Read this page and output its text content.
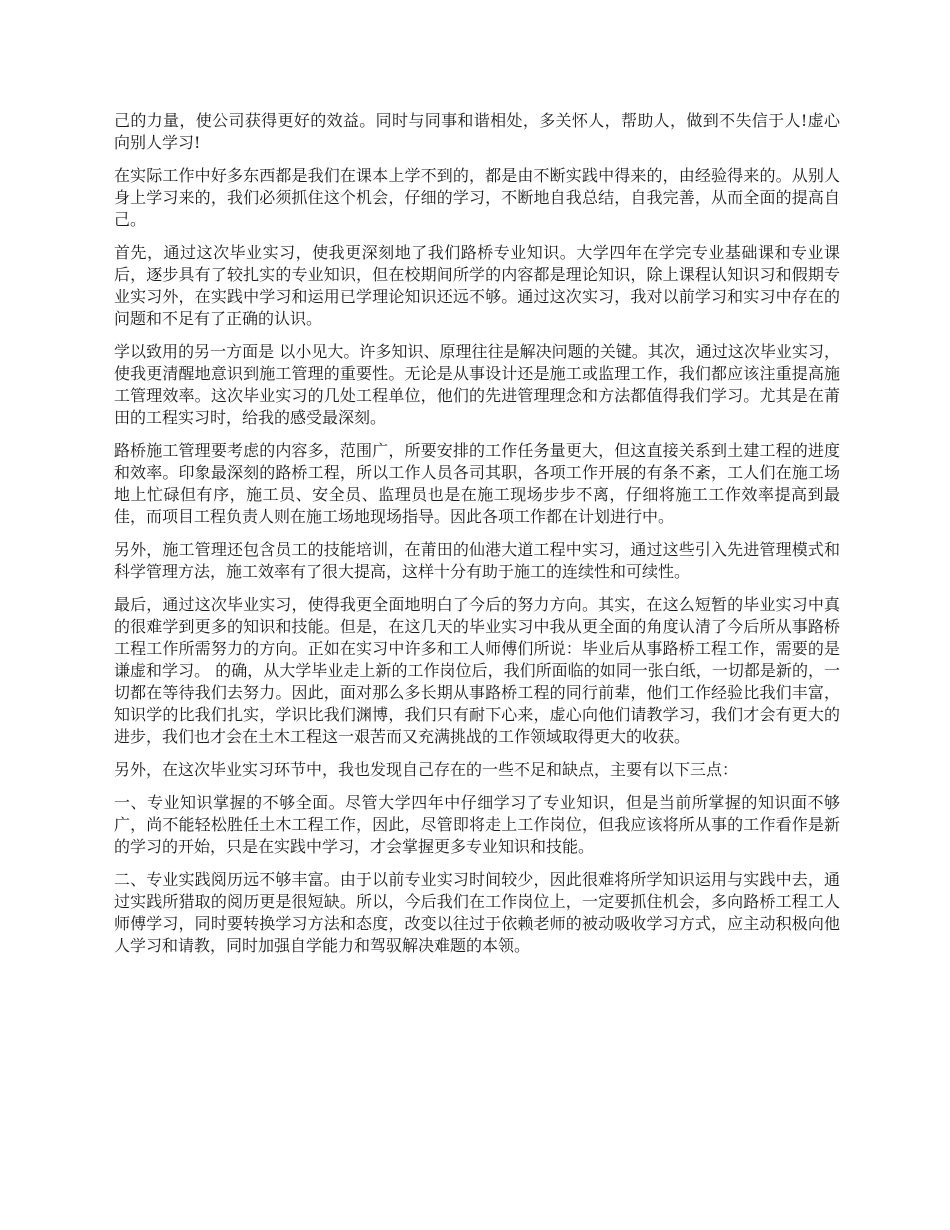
己的力量，使公司获得更好的效益。同时与同事和谐相处，多关怀人，帮助人，做到不失信于人!虚心向别人学习!

在实际工作中好多东西都是我们在课本上学不到的，都是由不断实践中得来的，由经验得来的。从别人身上学习来的，我们必须抓住这个机会，仔细的学习，不断地自我总结，自我完善，从而全面的提高自己。

首先，通过这次毕业实习，使我更深刻地了我们路桥专业知识。大学四年在学完专业基础课和专业课后，逐步具有了较扎实的专业知识，但在校期间所学的内容都是理论知识，除上课程认知识习和假期专业实习外，在实践中学习和运用已学理论知识还远不够。通过这次实习，我对以前学习和实习中存在的问题和不足有了正确的认识。

学以致用的另一方面是 以小见大。许多知识、原理往往是解决问题的关键。其次，通过这次毕业实习，使我更清醒地意识到施工管理的重要性。无论是从事设计还是施工或监理工作，我们都应该注重提高施工管理效率。这次毕业实习的几处工程单位，他们的先进管理理念和方法都值得我们学习。尤其是在莆田的工程实习时，给我的感受最深刻。

路桥施工管理要考虑的内容多，范围广，所要安排的工作任务量更大，但这直接关系到土建工程的进度和效率。印象最深刻的路桥工程，所以工作人员各司其职，各项工作开展的有条不紊，工人们在施工场地上忙碌但有序，施工员、安全员、监理员也是在施工现场步步不离，仔细将施工工作效率提高到最佳，而项目工程负责人则在施工场地现场指导。因此各项工作都在计划进行中。

另外，施工管理还包含员工的技能培训，在莆田的仙港大道工程中实习，通过这些引入先进管理模式和科学管理方法，施工效率有了很大提高，这样十分有助于施工的连续性和可续性。

最后，通过这次毕业实习，使得我更全面地明白了今后的努力方向。其实，在这么短暂的毕业实习中真的很难学到更多的知识和技能。但是，在这几天的毕业实习中我从更全面的角度认清了今后所从事路桥工程工作所需努力的方向。正如在实习中许多和工人师傅们所说：毕业后从事路桥工程工作，需要的是谦虚和学习。 的确，从大学毕业走上新的工作岗位后，我们所面临的如同一张白纸，一切都是新的，一切都在等待我们去努力。因此，面对那么多长期从事路桥工程的同行前辈，他们工作经验比我们丰富，知识学的比我们扎实，学识比我们渊博，我们只有耐下心来，虚心向他们请教学习，我们才会有更大的进步，我们也才会在土木工程这一艰苦而又充满挑战的工作领域取得更大的收获。

另外，在这次毕业实习环节中，我也发现自己存在的一些不足和缺点，主要有以下三点：

一、专业知识掌握的不够全面。尽管大学四年中仔细学习了专业知识，但是当前所掌握的知识面不够广，尚不能轻松胜任土木工程工作，因此，尽管即将走上工作岗位，但我应该将所从事的工作看作是新的学习的开始，只是在实践中学习，才会掌握更多专业知识和技能。

二、专业实践阅历远不够丰富。由于以前专业实习时间较少，因此很难将所学知识运用与实践中去，通过实践所猎取的阅历更是很短缺。所以，今后我们在工作岗位上，一定要抓住机会，多向路桥工程工人师傅学习，同时要转换学习方法和态度，改变以往过于依赖老师的被动吸收学习方式，应主动积极向他人学习和请教，同时加强自学能力和驾驭解决难题的本领。
